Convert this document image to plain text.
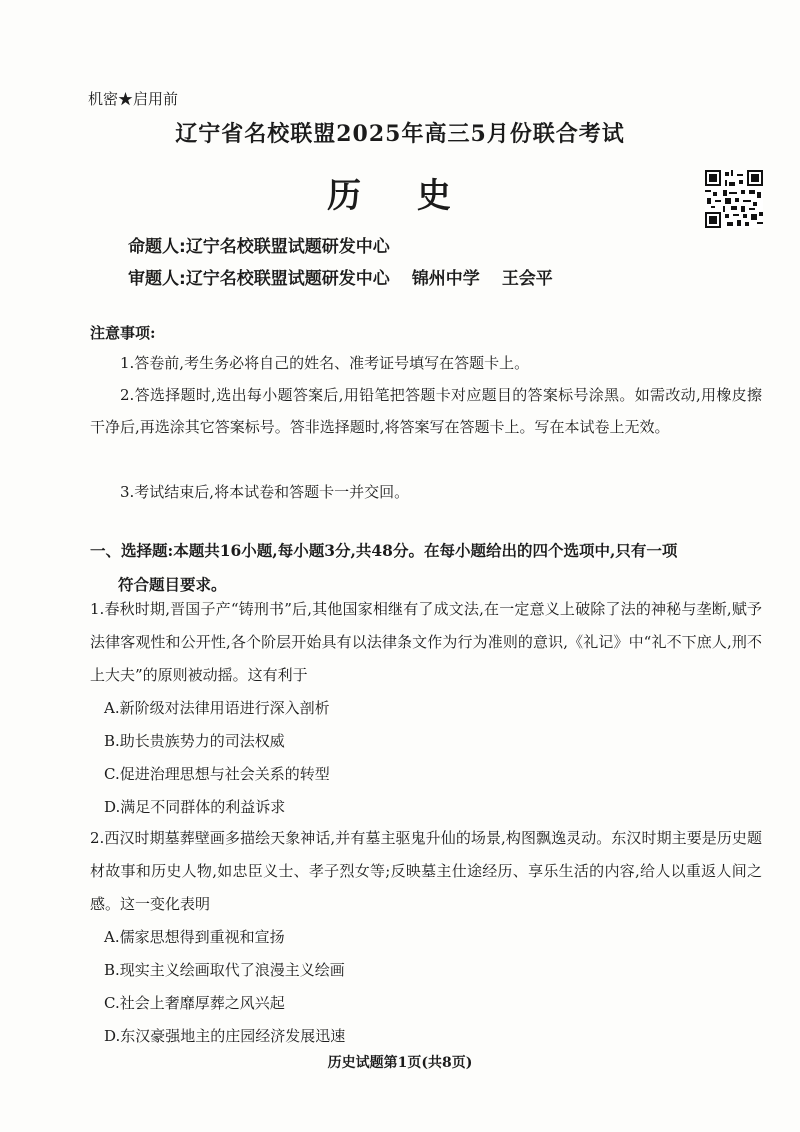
机密★启用前
辽宁省名校联盟2025年高三5月份联合考试
历 史
命题人:辽宁名校联盟试题研发中心
审题人:辽宁名校联盟试题研发中心 锦州中学 王会平
注意事项:
1.答卷前,考生务必将自己的姓名、准考证号填写在答题卡上。
2.答选择题时,选出每小题答案后,用铅笔把答题卡对应题目的答案标号涂黑。如需改动,用橡皮擦干净后,再选涂其它答案标号。答非选择题时,将答案写在答题卡上。写在本试卷上无效。
3.考试结束后,将本试卷和答题卡一并交回。
一、选择题:本题共16小题,每小题3分,共48分。在每小题给出的四个选项中,只有一项
符合题目要求。
1.春秋时期,晋国子产“铸刑书”后,其他国家相继有了成文法,在一定意义上破除了法的神秘与垄断,赋予法律客观性和公开性,各个阶层开始具有以法律条文作为行为准则的意识,《礼记》中“礼不下庶人,刑不上大夫”的原则被动摇。这有利于
A.新阶级对法律用语进行深入剖析
B.助长贵族势力的司法权威
C.促进治理思想与社会关系的转型
D.满足不同群体的利益诉求
2.西汉时期墓葬壁画多描绘天象神话,并有墓主驱鬼升仙的场景,构图飘逸灵动。东汉时期主要是历史题材故事和历史人物,如忠臣义士、孝子烈女等;反映墓主仕途经历、享乐生活的内容,给人以重返人间之感。这一变化表明
A.儒家思想得到重视和宣扬
B.现实主义绘画取代了浪漫主义绘画
C.社会上奢靡厚葬之风兴起
D.东汉豪强地主的庄园经济发展迅速
历史试题第1页(共8页)
